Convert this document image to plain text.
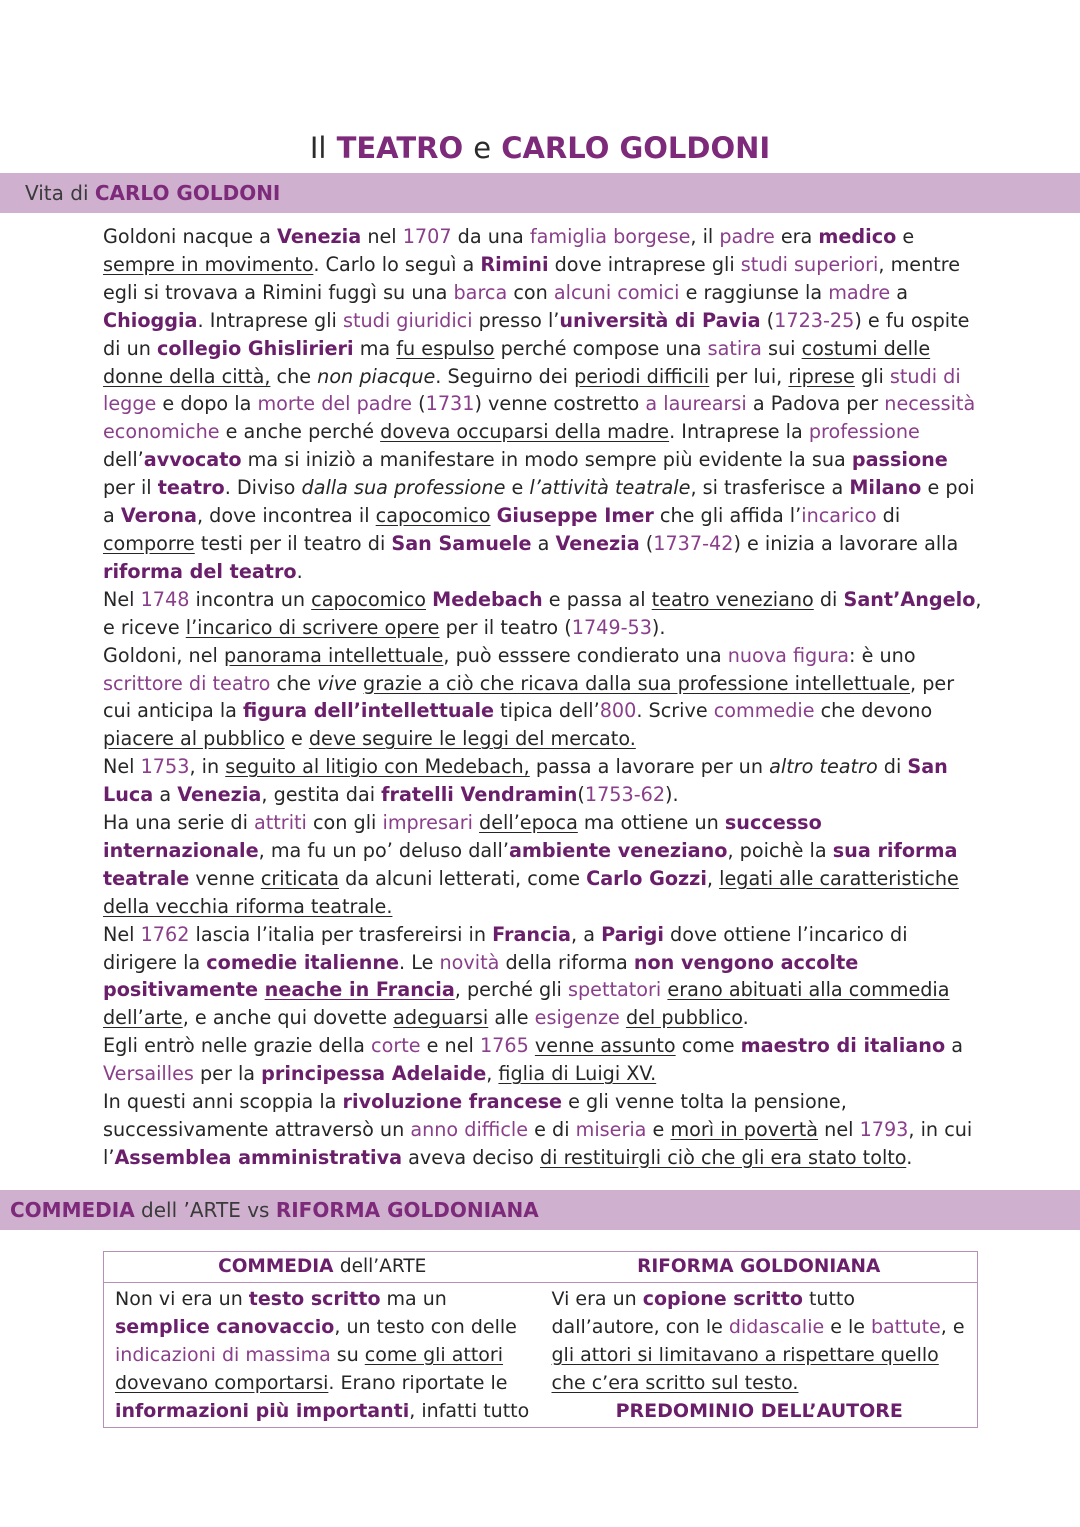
Il TEATRO e CARLO GOLDONI
Vita di CARLO GOLDONI

Goldoni nacque a Venezia nel 1707 da una famiglia borgese, il padre era medico e sempre in movimento. Carlo lo seguì a Rimini dove intraprese gli studi superiori, mentre egli si trovava a Rimini fuggì su una barca con alcuni comici e raggiunse la madre a Chioggia. Intraprese gli studi giuridici presso l’università di Pavia (1723-25) e fu ospite di un collegio Ghislirieri ma fu espulso perché compose una satira sui costumi delle donne della città, che non piacque. Seguirno dei periodi difficili per lui, riprese gli studi di legge e dopo la morte del padre (1731) venne costretto a laurearsi a Padova per necessità economiche e anche perché doveva occuparsi della madre. Intraprese la professione dell’avvocato ma si iniziò a manifestare in modo sempre più evidente la sua passione per il teatro. Diviso dalla sua professione e l’attività teatrale, si trasferisce a Milano e poi a Verona, dove incontrea il capocomico Giuseppe Imer che gli affida l’incarico di comporre testi per il teatro di San Samuele a Venezia (1737-42) e inizia a lavorare alla riforma del teatro.

Nel 1748 incontra un capocomico Medebach e passa al teatro veneziano di Sant’Angelo, e riceve l’incarico di scrivere opere per il teatro (1749-53).

Goldoni, nel panorama intellettuale, può esssere condierato una nuova figura: è uno scrittore di teatro che vive grazie a ciò che ricava dalla sua professione intellettuale, per cui anticipa la figura dell’intellettuale tipica dell’800. Scrive commedie che devono piacere al pubblico e deve seguire le leggi del mercato.

Nel 1753, in seguito al litigio con Medebach, passa a lavorare per un altro teatro di San Luca a Venezia, gestita dai fratelli Vendramin(1753-62).

Ha una serie di attriti con gli impresari dell’epoca ma ottiene un successo internazionale, ma fu un po’ deluso dall’ambiente veneziano, poichè la sua riforma teatrale venne criticata da alcuni letterati, come Carlo Gozzi, legati alle caratteristiche della vecchia riforma teatrale.

Nel 1762 lascia l’italia per trasfereirsi in Francia, a Parigi dove ottiene l’incarico di dirigere la comedie italienne. Le novità della riforma non vengono accolte positivamente neache in Francia, perché gli spettatori erano abituati alla commedia dell’arte, e anche qui dovette adeguarsi alle esigenze del pubblico.

Egli entrò nelle grazie della corte e nel 1765 venne assunto come maestro di italiano a Versailles per la principessa Adelaide, figlia di Luigi XV.

In questi anni scoppia la rivoluzione francese e gli venne tolta la pensione, successivamente attraversò un anno difficle e di miseria e morì in povertà nel 1793, in cui l’Assemblea amministrativa aveva deciso di restituirgli ciò che gli era stato tolto.

COMMEDIA dell ’ARTE vs RIFORMA GOLDONIANA
COMMEDIA dell’ARTE	RIFORMA GOLDONIANA
Non vi era un testo scritto ma un semplice canovaccio, un testo con delle indicazioni di massima su come gli attori dovevano comportarsi. Erano riportate le informazioni più importanti, infatti tutto	Vi era un copione scritto tutto dall’autore, con le didascalie e le battute, e gli attori si limitavano a rispettare quello che c’era scritto sul testo.
PREDOMINIO DELL’AUTORE
